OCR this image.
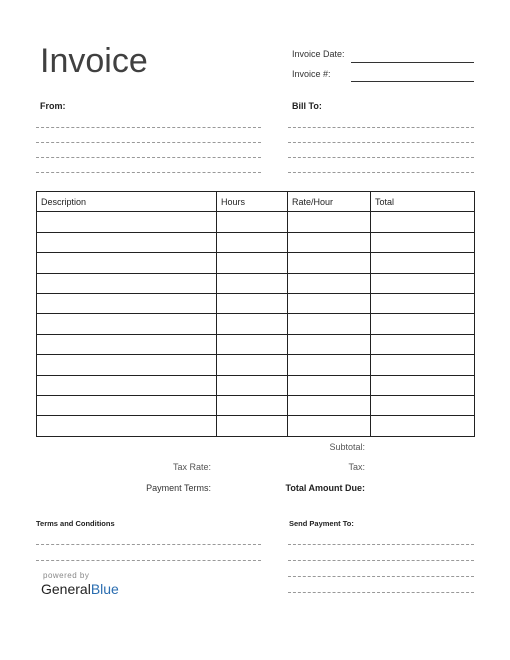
Invoice	Invoice Date:
Invoice #:
From:	Bill To:
Description	Hours	Rate/Hour	Total

Subtotal:
Tax Rate:	Tax:
Payment Terms:	Total Amount Due:
Terms and Conditions	Send Payment To:
powered by
GeneralBlue
